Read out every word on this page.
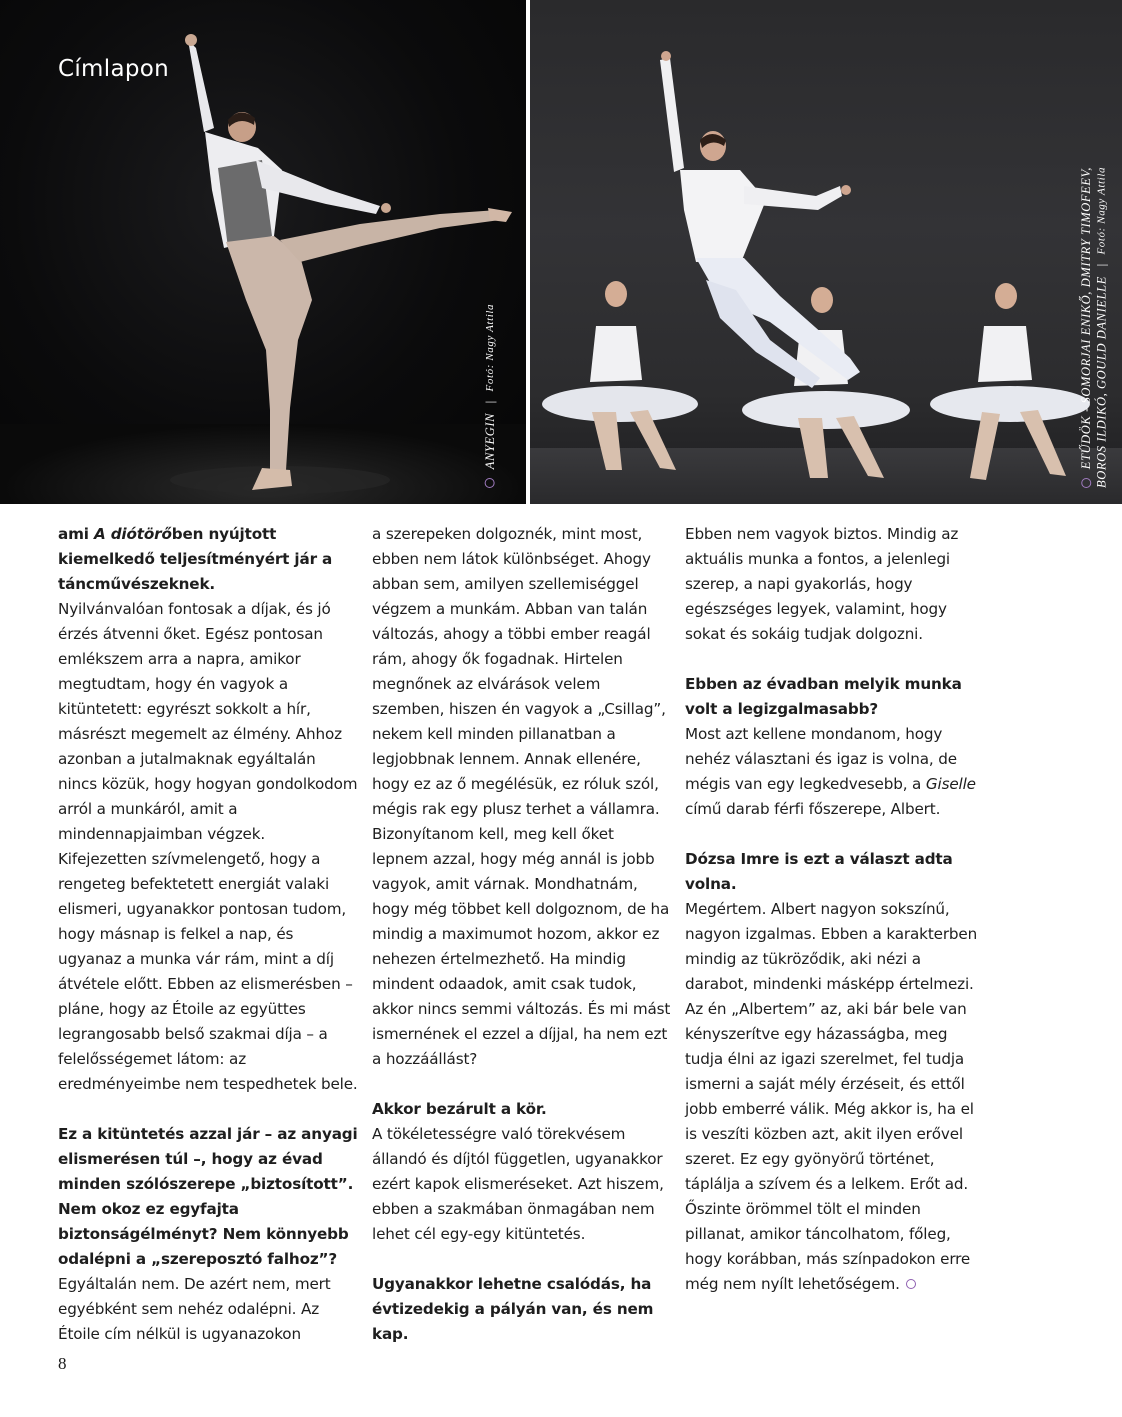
Címlapon
ANYEGIN | Fotó: Nagy Attila	ETŰDÖK - SOMORJAI ENIKŐ, DMITRY TIMOFEEV, BOROS ILDIKÓ, GOULD DANIELLE | Fotó: Nagy Attila

ami A diótörőben nyújtott kiemelkedő teljesítményért jár a táncművészeknek.

Nyilvánvalóan fontosak a díjak, és jó érzés átvenni őket. Egész pontosan emlékszem arra a napra, amikor megtudtam, hogy én vagyok a kitüntetett: egyrészt sokkolt a hír, másrészt megemelt az élmény. Ahhoz azonban a jutalmaknak egyáltalán nincs közük, hogy hogyan gondolkodom arról a munkáról, amit a mindennapjaimban végzek. Kifejezetten szívmelengető, hogy a rengeteg befektetett energiát valaki elismeri, ugyanakkor pontosan tudom, hogy másnap is felkel a nap, és ugyanaz a munka vár rám, mint a díj átvétele előtt. Ebben az elismerésben – pláne, hogy az Étoile az együttes legrangosabb belső szakmai díja – a felelősségemet látom: az eredményeimbe nem tespedhetek bele.

Ez a kitüntetés azzal jár – az anyagi elismerésen túl –, hogy az évad minden szólószerepe „biztosított”. Nem okoz ez egyfajta biztonságélményt? Nem könnyebb odalépni a „szereposztó falhoz”?

Egyáltalán nem. De azért nem, mert egyébként sem nehéz odalépni. Az Étoile cím nélkül is ugyanazokon

a szerepeken dolgoznék, mint most, ebben nem látok különbséget. Ahogy abban sem, amilyen szellemiséggel végzem a munkám. Abban van talán változás, ahogy a többi ember reagál rám, ahogy ők fogadnak. Hirtelen megnőnek az elvárások velem szemben, hiszen én vagyok a „Csillag”, nekem kell minden pillanatban a legjobbnak lennem. Annak ellenére, hogy ez az ő megélésük, ez róluk szól, mégis rak egy plusz terhet a vállamra. Bizonyítanom kell, meg kell őket lepnem azzal, hogy még annál is jobb vagyok, amit várnak. Mondhatnám, hogy még többet kell dolgoznom, de ha mindig a maximumot hozom, akkor ez nehezen értelmezhető. Ha mindig mindent odaadok, amit csak tudok, akkor nincs semmi változás. És mi mást ismernének el ezzel a díjjal, ha nem ezt a hozzáállást?

Akkor bezárult a kör.

A tökéletességre való törekvésem állandó és díjtól független, ugyanakkor ezért kapok elismeréseket. Azt hiszem, ebben a szakmában önmagában nem lehet cél egy-egy kitüntetés.

Ugyanakkor lehetne csalódás, ha évtizedekig a pályán van, és nem kap.

Ebben nem vagyok biztos. Mindig az aktuális munka a fontos, a jelenlegi szerep, a napi gyakorlás, hogy egészséges legyek, valamint, hogy sokat és sokáig tudjak dolgozni.

Ebben az évadban melyik munka volt a legizgalmasabb?

Most azt kellene mondanom, hogy nehéz választani és igaz is volna, de mégis van egy legkedvesebb, a Giselle című darab férfi főszerepe, Albert.

Dózsa Imre is ezt a választ adta volna.

Megértem. Albert nagyon sokszínű, nagyon izgalmas. Ebben a karakterben mindig az tükröződik, aki nézi a darabot, mindenki másképp értelmezi. Az én „Albertem” az, aki bár bele van kényszerítve egy házasságba, meg tudja élni az igazi szerelmet, fel tudja ismerni a saját mély érzéseit, és ettől jobb emberré válik. Még akkor is, ha el is veszíti közben azt, akit ilyen erővel szeret. Ez egy gyönyörű történet, táplálja a szívem és a lelkem. Erőt ad. Őszinte örömmel tölt el minden pillanat, amikor táncolhatom, főleg, hogy korábban, más színpadokon erre még nem nyílt lehetőségem.

8
